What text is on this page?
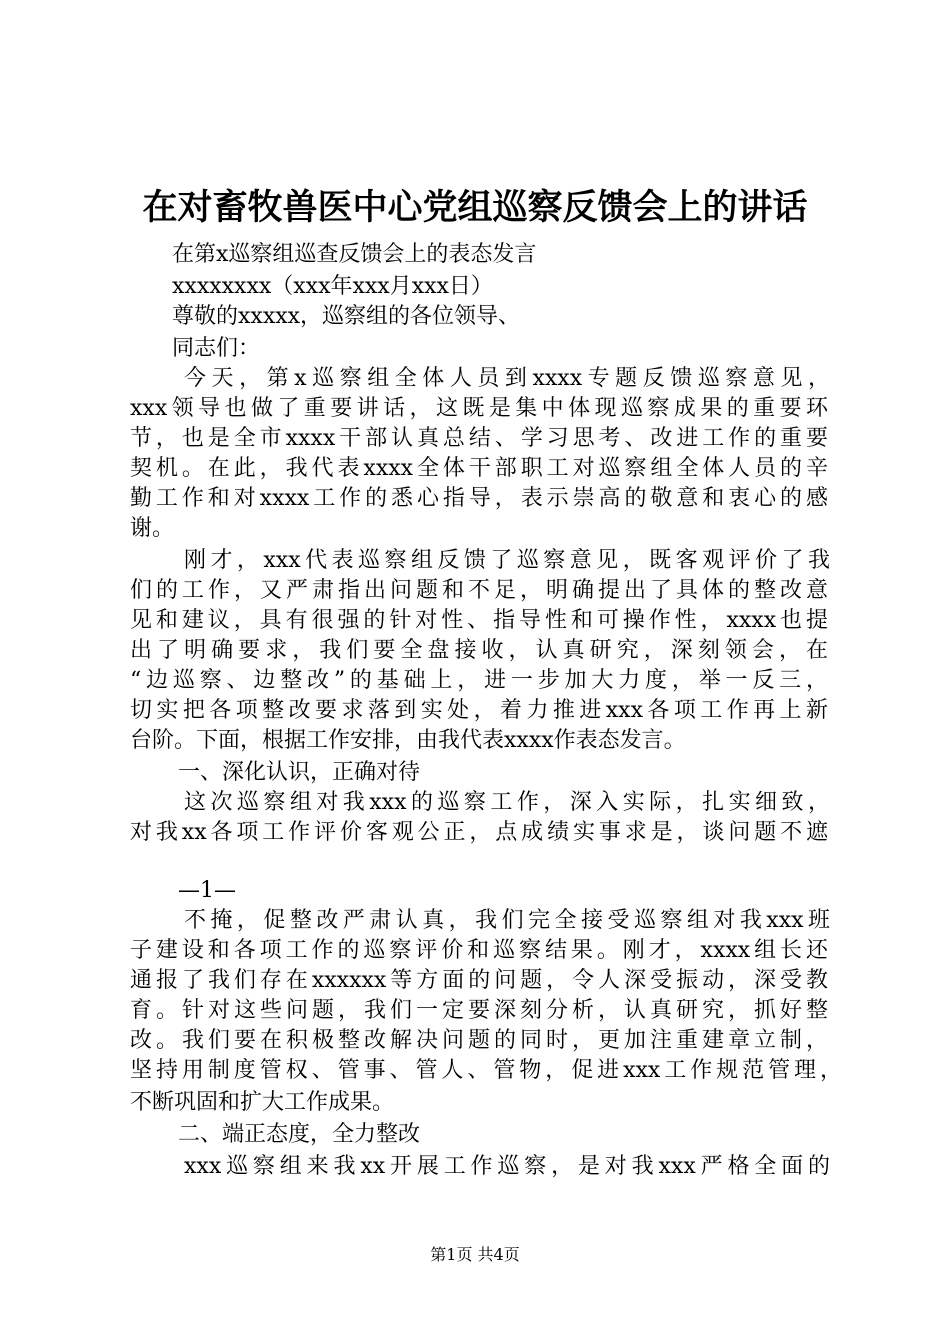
在对畜牧兽医中心党组巡察反馈会上的讲话
在第x巡察组巡查反馈会上的表态发言
xxxxxxxx（xxx年xxx月xxx日）
尊敬的xxxxx，巡察组的各位领导、
同志们：
今天，第x巡察组全体人员到xxxx专题反馈巡察意见，
xxx领导也做了重要讲话，这既是集中体现巡察成果的重要环
节，也是全市xxxx干部认真总结、学习思考、改进工作的重要
契机。在此，我代表xxxx全体干部职工对巡察组全体人员的辛
勤工作和对xxxx工作的悉心指导，表示崇高的敬意和衷心的感
谢。
刚才，xxx代表巡察组反馈了巡察意见，既客观评价了我
们的工作，又严肃指出问题和不足，明确提出了具体的整改意
见和建议，具有很强的针对性、指导性和可操作性，xxxx也提
出了明确要求，我们要全盘接收，认真研究，深刻领会，在
“边巡察、边整改”的基础上，进一步加大力度，举一反三，
切实把各项整改要求落到实处，着力推进xxx各项工作再上新
台阶。下面，根据工作安排，由我代表xxxx作表态发言。
一、深化认识，正确对待
这次巡察组对我xxx的巡察工作，深入实际，扎实细致，
对我xx各项工作评价客观公正，点成绩实事求是，谈问题不遮
—1—
不掩，促整改严肃认真，我们完全接受巡察组对我xxx班
子建设和各项工作的巡察评价和巡察结果。刚才，xxxx组长还
通报了我们存在xxxxxx等方面的问题，令人深受振动，深受教
育。针对这些问题，我们一定要深刻分析，认真研究，抓好整
改。我们要在积极整改解决问题的同时，更加注重建章立制，
坚持用制度管权、管事、管人、管物，促进xxx工作规范管理，
不断巩固和扩大工作成果。
二、端正态度，全力整改
xxx巡察组来我xx开展工作巡察，是对我xxx严格全面的
第1页 共4页
